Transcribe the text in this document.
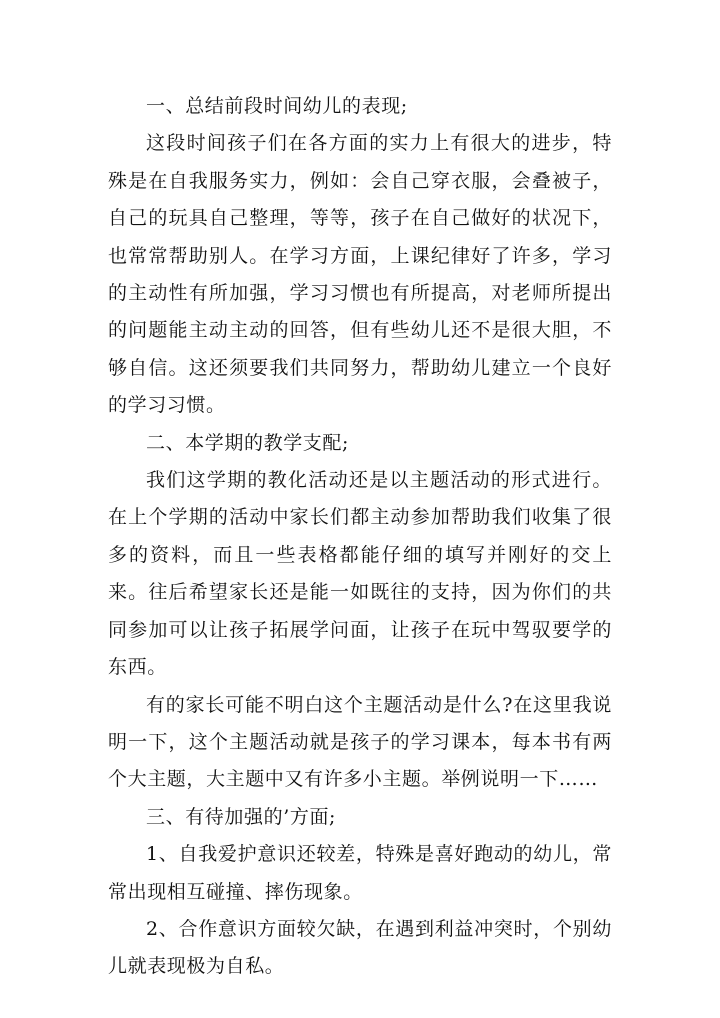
一、总结前段时间幼儿的表现;

这段时间孩子们在各方面的实力上有很大的进步，特殊是在自我服务实力，例如：会自己穿衣服，会叠被子，自己的玩具自己整理，等等，孩子在自己做好的状况下，也常常帮助别人。在学习方面，上课纪律好了许多，学习的主动性有所加强，学习习惯也有所提高，对老师所提出的问题能主动主动的回答，但有些幼儿还不是很大胆，不够自信。这还须要我们共同努力，帮助幼儿建立一个良好的学习习惯。

二、本学期的教学支配;

我们这学期的教化活动还是以主题活动的形式进行。在上个学期的活动中家长们都主动参加帮助我们收集了很多的资料，而且一些表格都能仔细的填写并刚好的交上来。往后希望家长还是能一如既往的支持，因为你们的共同参加可以让孩子拓展学问面，让孩子在玩中驾驭要学的东西。

有的家长可能不明白这个主题活动是什么?在这里我说明一下，这个主题活动就是孩子的学习课本，每本书有两个大主题，大主题中又有许多小主题。举例说明一下……

三、有待加强的’方面;

1、自我爱护意识还较差，特殊是喜好跑动的幼儿，常常出现相互碰撞、摔伤现象。

2、合作意识方面较欠缺，在遇到利益冲突时，个别幼儿就表现极为自私。
